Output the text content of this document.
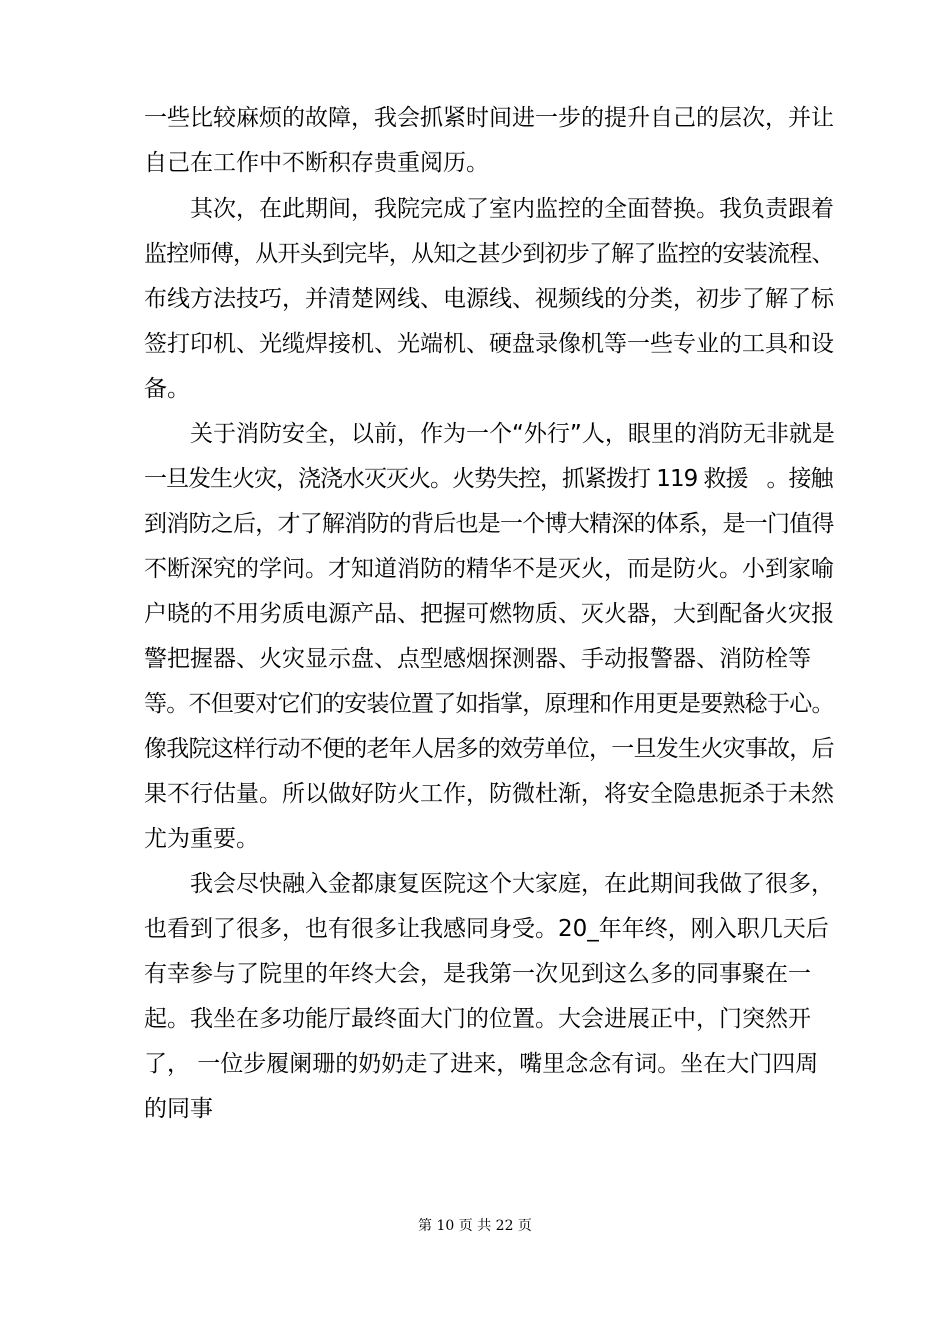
一些比较麻烦的故障，我会抓紧时间进一步的提升自己的层次，并让
自己在工作中不断积存贵重阅历。
其次，在此期间，我院完成了室内监控的全面替换。我负责跟着
监控师傅，从开头到完毕，从知之甚少到初步了解了监控的安装流程、
布线方法技巧，并清楚网线、电源线、视频线的分类，初步了解了标
签打印机、光缆焊接机、光端机、硬盘录像机等一些专业的工具和设
备。
关于消防安全，以前，作为一个“外行”人，眼里的消防无非就是
一旦发生火灾，浇浇水灭灭火。火势失控，抓紧拨打 119 救援   。接触
到消防之后，才了解消防的背后也是一个博大精深的体系，是一门值得
不断深究的学问。才知道消防的精华不是灭火，而是防火。小到家喻
户晓的不用劣质电源产品、把握可燃物质、灭火器，大到配备火灾报
警把握器、火灾显示盘、点型感烟探测器、手动报警器、消防栓等
等。不但要对它们的安装位置了如指掌，原理和作用更是要熟稔于心。
像我院这样行动不便的老年人居多的效劳单位，一旦发生火灾事故，后
果不行估量。所以做好防火工作，防微杜渐，将安全隐患扼杀于未然
尤为重要。
我会尽快融入金都康复医院这个大家庭，在此期间我做了很多，
也看到了很多，也有很多让我感同身受。20_年年终，刚入职几天后
有幸参与了院里的年终大会，是我第一次见到这么多的同事聚在一
起。我坐在多功能厅最终面大门的位置。大会进展正中，门突然开
了， 一位步履阑珊的奶奶走了进来，嘴里念念有词。坐在大门四周
的同事
第 10 页 共 22 页
